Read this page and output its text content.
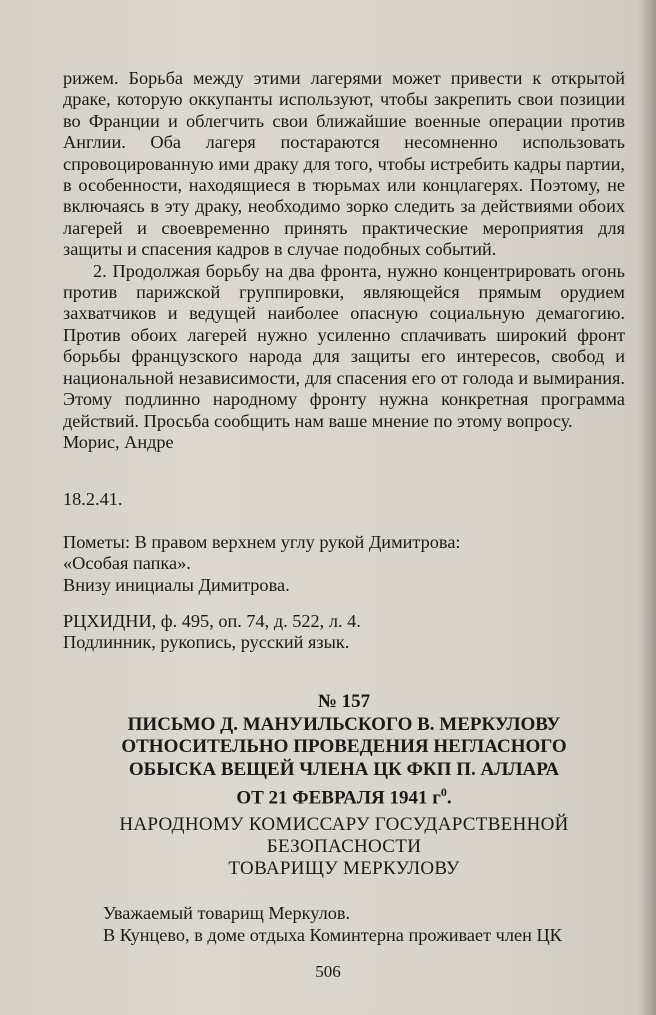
рижем. Борьба между этими лагерями может привести к открытой драке, которую оккупанты используют, чтобы закрепить свои позиции во Франции и облегчить свои ближайшие военные операции против Англии. Оба лагеря постараются несомненно использовать спровоцированную ими драку для того, чтобы истребить кадры партии, в особенности, находящиеся в тюрьмах или концлагерях. Поэтому, не включаясь в эту драку, необходимо зорко следить за действиями обоих лагерей и своевременно принять практические мероприятия для защиты и спасения кадров в случае подобных событий.

2. Продолжая борьбу на два фронта, нужно концентрировать огонь против парижской группировки, являющейся прямым орудием захватчиков и ведущей наиболее опасную социальную демагогию. Против обоих лагерей нужно усиленно сплачивать широкий фронт борьбы французского народа для защиты его интересов, свобод и национальной независимости, для спасения его от голода и вымирания. Этому подлинно народному фронту нужна конкретная программа действий. Просьба сообщить нам ваше мнение по этому вопросу.

Морис, Андре

18.2.41.

Пометы: В правом верхнем углу рукой Димитрова:

«Особая папка».

Внизу инициалы Димитрова.

РЦХИДНИ, ф. 495, оп. 74, д. 522, л. 4.

Подлинник, рукопись, русский язык.

№ 157

ПИСЬМО Д. МАНУИЛЬСКОГО В. МЕРКУЛОВУ

ОТНОСИТЕЛЬНО ПРОВЕДЕНИЯ НЕГЛАСНОГО

ОБЫСКА ВЕЩЕЙ ЧЛЕНА ЦК ФКП П. АЛЛАРА

ОТ 21 ФЕВРАЛЯ 1941 $г^0$.

НАРОДНОМУ КОМИССАРУ ГОСУДАРСТВЕННОЙ

БЕЗОПАСНОСТИ

ТОВАРИЩУ МЕРКУЛОВУ

Уважаемый товарищ Меркулов.

В Кунцево, в доме отдыха Коминтерна проживает член ЦК

506
